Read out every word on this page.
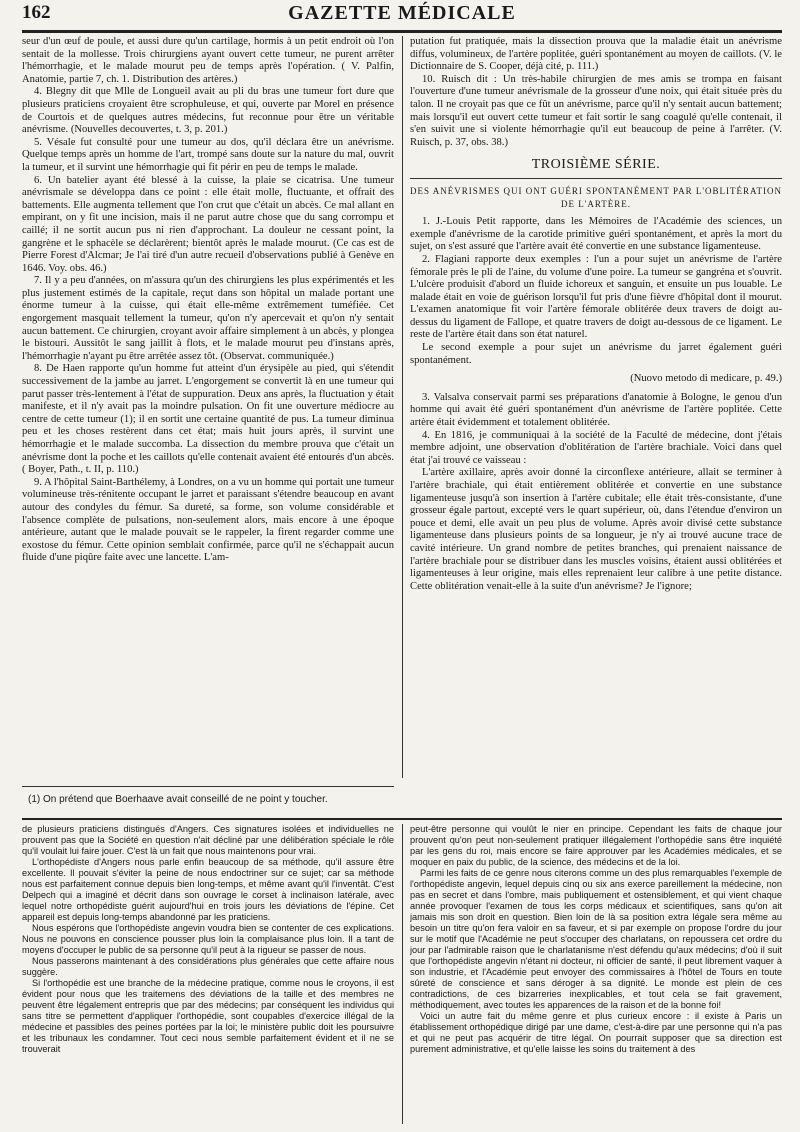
162	GAZETTE MÉDICALE

seur d'un œuf de poule, et aussi dure qu'un cartilage, hormis à un petit endroit où l'on sentait de la mollesse. Trois chirurgiens ayant ouvert cette tumeur, ne purent arrêter l'hémorrhagie, et le malade mourut peu de temps après l'opération. ( V. Palfin, Anatomie, partie 7, ch. 1. Distribution des artères.)

4. Blegny dit que Mlle de Longueil avait au pli du bras une tumeur fort dure que plusieurs praticiens croyaient être scrophuleuse, et qui, ouverte par Morel en présence de Courtois et de quelques autres médecins, fut reconnue pour être un véritable anévrisme. (Nouvelles decouvertes, t. 3, p. 201.)

5. Vésale fut consulté pour une tumeur au dos, qu'il déclara être un anévrisme. Quelque temps après un homme de l'art, trompé sans doute sur la nature du mal, ouvrit la tumeur, et il survint une hémorrhagie qui fit périr en peu de temps le malade.

6. Un batelier ayant été blessé à la cuisse, la plaie se cicatrisa. Une tumeur anévrismale se développa dans ce point : elle était molle, fluctuante, et offrait des battements. Elle augmenta tellement que l'on crut que c'était un abcès. Ce mal allant en empirant, on y fit une incision, mais il ne parut autre chose que du sang corrompu et caillé; il ne sortit aucun pus ni rien d'approchant. La douleur ne cessant point, la gangrène et le sphacèle se déclarèrent; bientôt après le malade mourut. (Ce cas est de Pierre Forest d'Alcmar; Je l'ai tiré d'un autre recueil d'observations publié à Genève en 1646. Voy. obs. 46.)

7. Il y a peu d'années, on m'assura qu'un des chirurgiens les plus expérimentés et les plus justement estimés de la capitale, reçut dans son hôpital un malade portant une énorme tumeur à la cuisse, qui était elle-même extrêmement tuméfiée. Cet engorgement masquait tellement la tumeur, qu'on n'y apercevait et qu'on n'y sentait aucun battement. Ce chirurgien, croyant avoir affaire simplement à un abcès, y plongea le bistouri. Aussitôt le sang jaillit à flots, et le malade mourut peu d'instans après, l'hémorrhagie n'ayant pu être arrêtée assez tôt. (Observat. communiquée.)

8. De Haen rapporte qu'un homme fut atteint d'un érysipèle au pied, qui s'étendit successivement de la jambe au jarret. L'engorgement se convertit là en une tumeur qui parut passer très-lentement à l'état de suppuration. Deux ans après, la fluctuation y était manifeste, et il n'y avait pas la moindre pulsation. On fit une ouverture médiocre au centre de cette tumeur (1); il en sortit une certaine quantité de pus. La tumeur diminua peu et les choses restèrent dans cet état; mais huit jours après, il survint une hémorrhagie et le malade succomba. La dissection du membre prouva que c'était un anévrisme dont la poche et les caillots qu'elle contenait avaient été entourés d'un abcès. ( Boyer, Path., t. II, p. 110.)

9. A l'hôpital Saint-Barthélemy, à Londres, on a vu un homme qui portait une tumeur volumineuse très-rénitente occupant le jarret et paraissant s'étendre beaucoup en avant autour des condyles du fémur. Sa dureté, sa forme, son volume considérable et l'absence complète de pulsations, non-seulement alors, mais encore à une époque antérieure, autant que le malade pouvait se le rappeler, la firent regarder comme une exostose du fémur. Cette opinion semblait confirmée, parce qu'il ne s'échappait aucun fluide d'une piqûre faite avec une lancette. L'am-

putation fut pratiquée, mais la dissection prouva que la maladie était un anévrisme diffus, volumineux, de l'artère poplitée, guéri spontanément au moyen de caillots. (V. le Dictionnaire de S. Cooper, déjà cité, p. 111.)

10. Ruisch dit : Un très-habile chirurgien de mes amis se trompa en faisant l'ouverture d'une tumeur anévrismale de la grosseur d'une noix, qui était située près du talon. Il ne croyait pas que ce fût un anévrisme, parce qu'il n'y sentait aucun battement; mais lorsqu'il eut ouvert cette tumeur et fait sortir le sang coagulé qu'elle contenait, il s'en suivit une si violente hémorrhagie qu'il eut beaucoup de peine à l'arrêter. (V. Ruisch, p. 37, obs. 38.)

TROISIÈME SÉRIE.
DES ANÉVRISMES QUI ONT GUÉRI SPONTANÉMENT PAR L'OBLITÉRATION DE L'ARTÈRE.

1. J.-Louis Petit rapporte, dans les Mémoires de l'Académie des sciences, un exemple d'anévrisme de la carotide primitive guéri spontanément, et après la mort du sujet, on s'est assuré que l'artère avait été convertie en une substance ligamenteuse.

2. Flagiani rapporte deux exemples : l'un a pour sujet un anévrisme de l'artère fémorale près le pli de l'aine, du volume d'une poire. La tumeur se gangréna et s'ouvrit. L'ulcère produisit d'abord un fluide ichoreux et sanguin, et ensuite un pus louable. Le malade était en voie de guérison lorsqu'il fut pris d'une fièvre d'hôpital dont il mourut. L'examen anatomique fit voir l'artère fémorale oblitérée deux travers de doigt au-dessus du ligament de Fallope, et quatre travers de doigt au-dessous de ce ligament. Le reste de l'artère était dans son état naturel.

Le second exemple a pour sujet un anévrisme du jarret également guéri spontanément.

(Nuovo metodo di medicare, p. 49.)

3. Valsalva conservait parmi ses préparations d'anatomie à Bologne, le genou d'un homme qui avait été guéri spontanément d'un anévrisme de l'artère poplitée. Cette artère était évidemment et totalement oblitérée.

4. En 1816, je communiquai à la société de la Faculté de médecine, dont j'étais membre adjoint, une observation d'oblitération de l'artère brachiale. Voici dans quel état j'ai trouvé ce vaisseau :

L'artère axillaire, après avoir donné la circonflexe antérieure, allait se terminer à l'artère brachiale, qui était entièrement oblitérée et convertie en une substance ligamenteuse jusqu'à son insertion à l'artère cubitale; elle était très-consistante, d'une grosseur égale partout, excepté vers le quart supérieur, où, dans l'étendue d'environ un pouce et demi, elle avait un peu plus de volume. Après avoir divisé cette substance ligamenteuse dans plusieurs points de sa longueur, je n'y ai trouvé aucune trace de cavité intérieure. Un grand nombre de petites branches, qui prenaient naissance de l'artère brachiale pour se distribuer dans les muscles voisins, étaient aussi oblitérées et ligamenteuses à leur origine, mais elles reprenaient leur calibre à une petite distance. Cette oblitération venait-elle à la suite d'un anévrisme? Je l'ignore;

(1) On prétend que Boerhaave avait conseillé de ne point y toucher.

de plusieurs praticiens distingués d'Angers. Ces signatures isolées et individuelles ne prouvent pas que la Société en question n'ait décliné par une délibération spéciale le rôle qu'il voulait lui faire jouer. C'est là un fait que nous maintenons pour vrai.

L'orthopédiste d'Angers nous parle enfin beaucoup de sa méthode, qu'il assure être excellente. Il pouvait s'éviter la peine de nous endoctriner sur ce sujet; car sa méthode nous est parfaitement connue depuis bien long-temps, et même avant qu'il l'inventât. C'est Delpech qui a imaginé et décrit dans son ouvrage le corset à inclinaison latérale, avec lequel notre orthopédiste guérit aujourd'hui en trois jours les déviations de l'épine. Cet appareil est depuis long-temps abandonné par les praticiens.

Nous espérons que l'orthopédiste angevin voudra bien se contenter de ces explications. Nous ne pouvons en conscience pousser plus loin la complaisance plus loin. Il a tant de moyens d'occuper le public de sa personne qu'il peut à la rigueur se passer de nous.

Nous passerons maintenant à des considérations plus générales que cette affaire nous suggère.

Si l'orthopédie est une branche de la médecine pratique, comme nous le croyons, il est évident pour nous que les traitemens des déviations de la taille et des membres ne peuvent être légalement entrepris que par des médecins; par conséquent les individus qui sans titre se permettent d'appliquer l'orthopédie, sont coupables d'exercice illégal de la médecine et passibles des peines portées par la loi; le ministère public doit les poursuivre et les tribunaux les condamner. Tout ceci nous semble parfaitement évident et il ne se trouverait

peut-être personne qui voulût le nier en principe. Cependant les faits de chaque jour prouvent qu'on peut non-seulement pratiquer illégalement l'orthopédie sans être inquiété par les gens du roi, mais encore se faire approuver par les Académies médicales, et se moquer en paix du public, de la science, des médecins et de la loi.

Parmi les faits de ce genre nous citerons comme un des plus remarquables l'exemple de l'orthopédiste angevin, lequel depuis cinq ou six ans exerce pareillement la médecine, non pas en secret et dans l'ombre, mais publiquement et ostensiblement, et qui vient chaque année provoquer l'examen de tous les corps médicaux et scientifiques, sans qu'on ait jamais mis son droit en question. Bien loin de là sa position extra légale sera même au besoin un titre qu'on fera valoir en sa faveur, et si par exemple on propose l'ordre du jour sur le motif que l'Académie ne peut s'occuper des charlatans, on repoussera cet ordre du jour par l'admirable raison que le charlatanisme n'est défendu qu'aux médecins; d'où il suit que l'orthopédiste angevin n'étant ni docteur, ni officier de santé, il peut librement vaquer à son industrie, et l'Académie peut envoyer des commissaires à l'hôtel de Tours en toute sûreté de conscience et sans déroger à sa dignité. Le monde est plein de ces contradictions, de ces bizarreries inexplicables, et tout cela se fait gravement, méthodiquement, avec toutes les apparences de la raison et de la bonne foi!

Voici un autre fait du même genre et plus curieux encore : il existe à Paris un établissement orthopédique dirigé par une dame, c'est-à-dire par une personne qui n'a pas et qui ne peut pas acquérir de titre légal. On pourrait supposer que sa direction est purement administrative, et qu'elle laisse les soins du traitement à des
